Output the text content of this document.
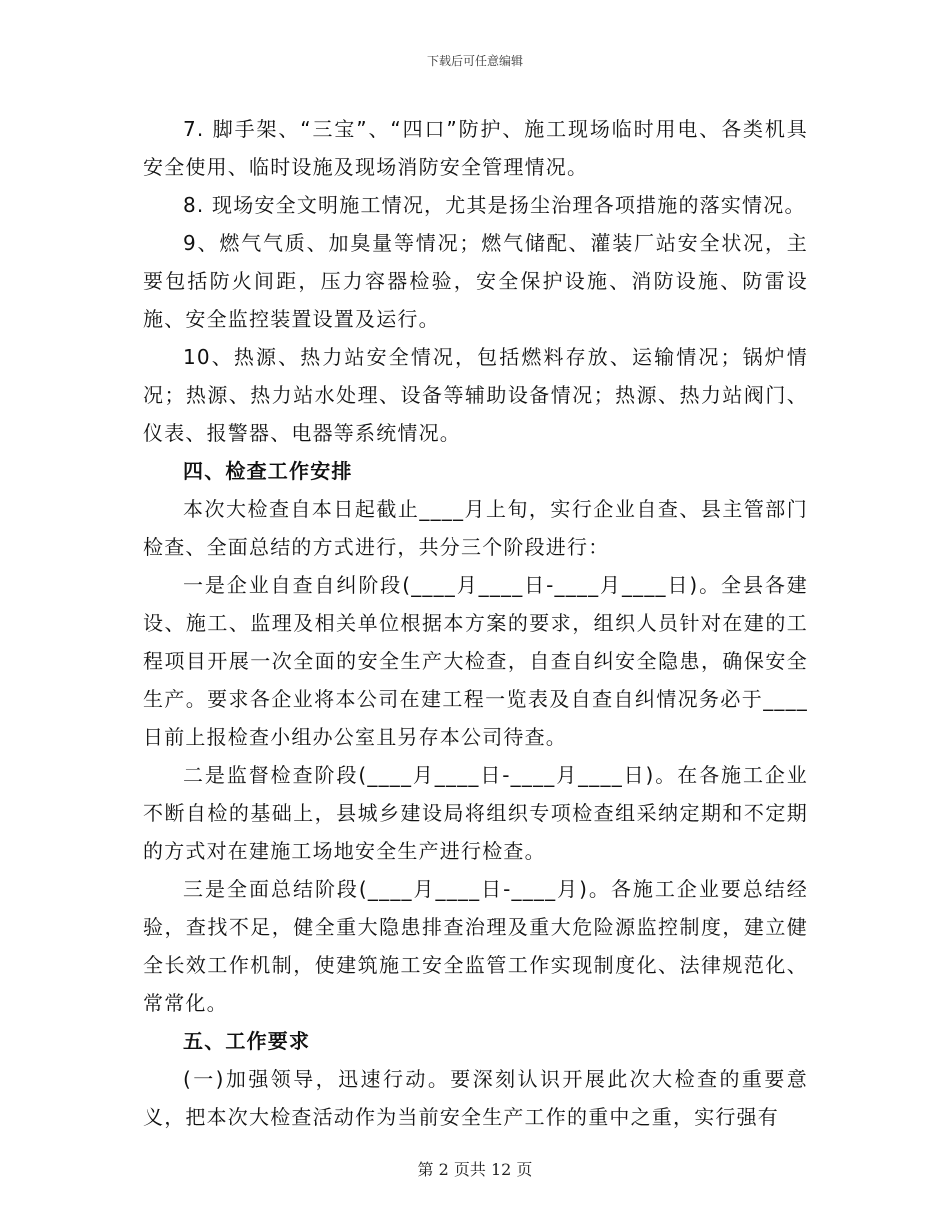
下载后可任意编辑

7. 脚手架、“三宝”、“四口”防护、施工现场临时用电、各类机具安全使用、临时设施及现场消防安全管理情况。

8. 现场安全文明施工情况，尤其是扬尘治理各项措施的落实情况。

9、燃气气质、加臭量等情况；燃气储配、灌装厂站安全状况，主要包括防火间距，压力容器检验，安全保护设施、消防设施、防雷设施、安全监控装置设置及运行。

10、热源、热力站安全情况，包括燃料存放、运输情况；锅炉情况；热源、热力站水处理、设备等辅助设备情况；热源、热力站阀门、仪表、报警器、电器等系统情况。

四、检查工作安排

本次大检查自本日起截止____月上旬，实行企业自查、县主管部门检查、全面总结的方式进行，共分三个阶段进行：

一是企业自查自纠阶段(____月____日-____月____日)。全县各建设、施工、监理及相关单位根据本方案的要求，组织人员针对在建的工程项目开展一次全面的安全生产大检查，自查自纠安全隐患，确保安全生产。要求各企业将本公司在建工程一览表及自查自纠情况务必于____日前上报检查小组办公室且另存本公司待查。

二是监督检查阶段(____月____日-____月____日)。在各施工企业不断自检的基础上，县城乡建设局将组织专项检查组采纳定期和不定期的方式对在建施工场地安全生产进行检查。

三是全面总结阶段(____月____日-____月)。各施工企业要总结经验，查找不足，健全重大隐患排查治理及重大危险源监控制度，建立健全长效工作机制，使建筑施工安全监管工作实现制度化、法律规范化、常常化。

五、工作要求

(一)加强领导，迅速行动。要深刻认识开展此次大检查的重要意义，把本次大检查活动作为当前安全生产工作的重中之重，实行强有

第 2 页共 12 页
